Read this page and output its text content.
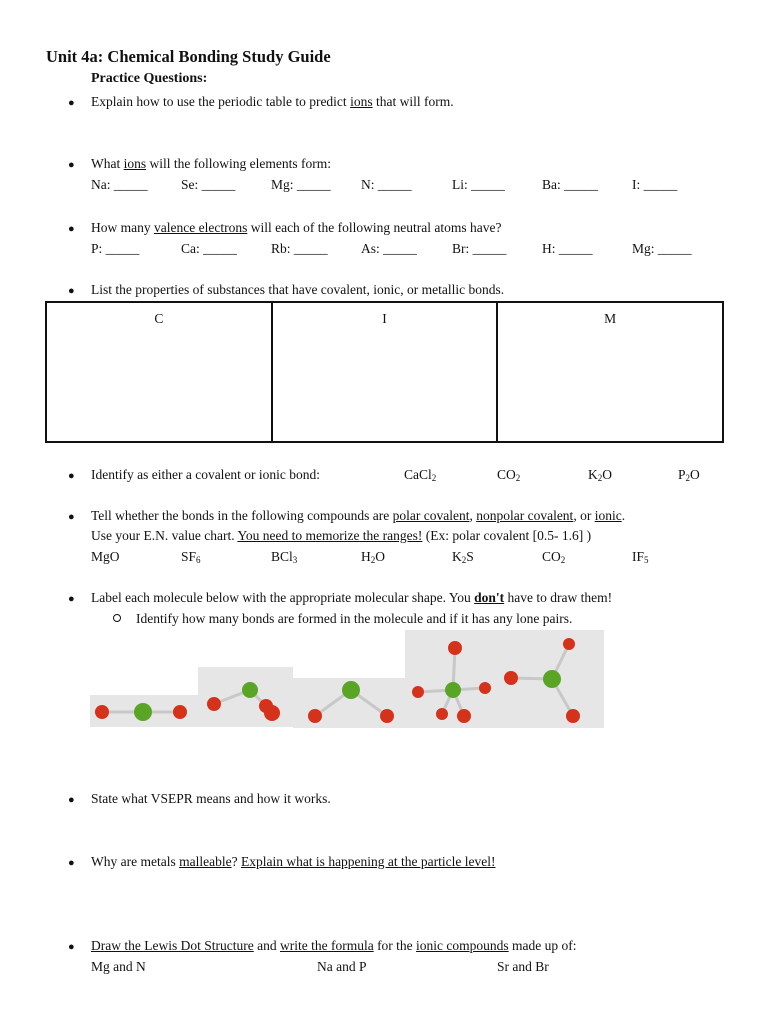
Unit 4a: Chemical Bonding Study Guide
Practice Questions:
● Explain how to use the periodic table to predict ions that will form.
● What ions will the following elements form:
Na: _____ Se: _____	Mg: _____ N: _____	Li: _____	Ba: _____	I: _____
● How many valence electrons will each of the following neutral atoms have?
P: _____	Ca: _____	Rb: _____ As: _____	Br: _____	H: _____	Mg: _____
● List the properties of substances that have covalent, ionic, or metallic bonds.
C	I	M
● Identify as either a covalent or ionic bond:	CaCl$_2$	$CO_2$	$K_2O$	$P_2O$
● Tell whether the bonds in the following compounds are polar covalent, nonpolar covalent, or ionic.
Use your E.N. value chart. You need to memorize the ranges! (Ex: polar covalent [0.5- 1.6] )
MgO	$SF_6$	BCl$_3$	$H_2O$	$K_2S$	$CO_2$	$IF_5$
● Label each molecule below with the appropriate molecular shape. You don't have to draw them!
Identify how many bonds are formed in the molecule and if it has any lone pairs.
● State what VSEPR means and how it works.
● Why are metals malleable? Explain what is happening at the particle level!
● Draw the Lewis Dot Structure and write the formula for the ionic compounds made up of:
Mg and N	Na and P	Sr and Br
